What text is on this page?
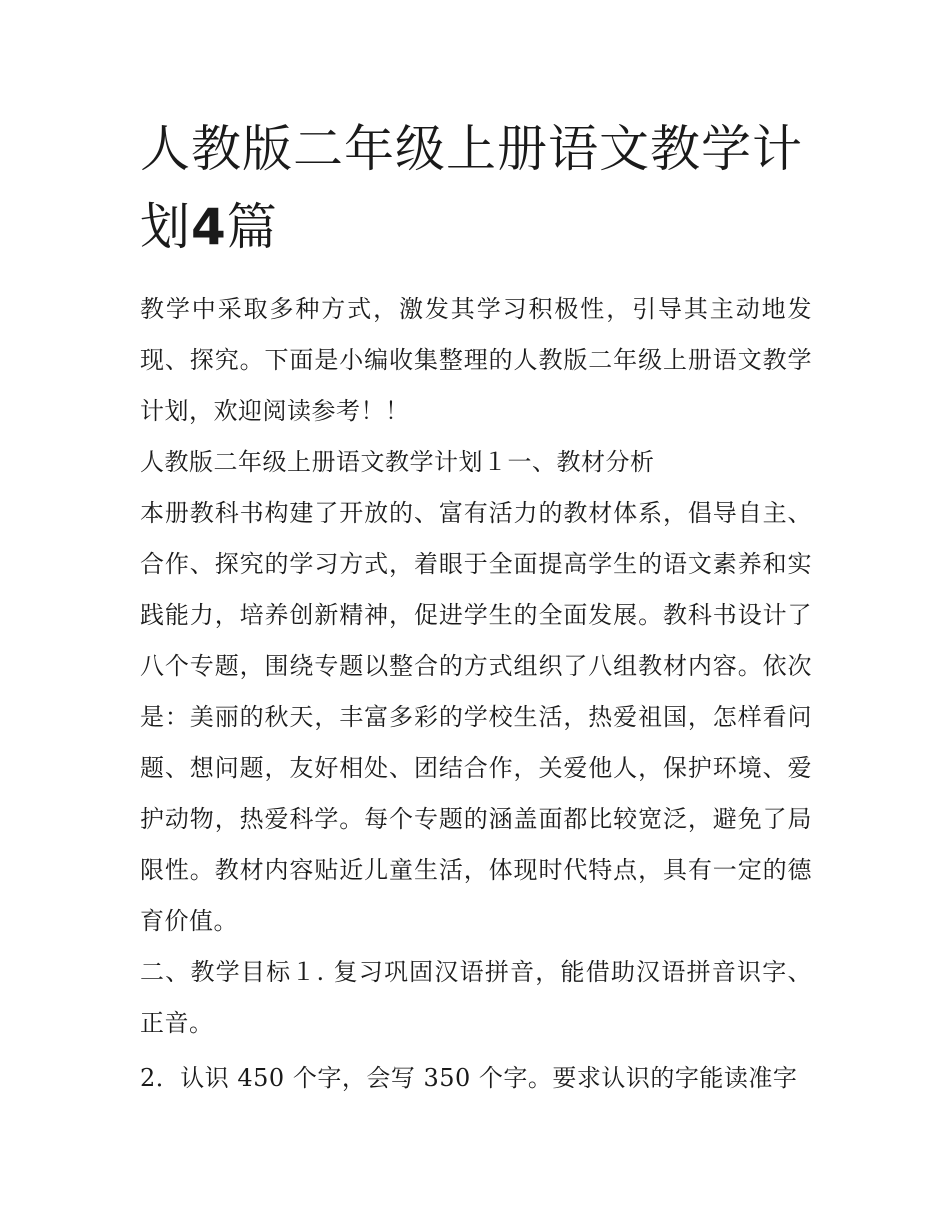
人教版二年级上册语文教学计划4篇

教学中采取多种方式，激发其学习积极性，引导其主动地发现、探究。下面是小编收集整理的人教版二年级上册语文教学计划，欢迎阅读参考！！

人教版二年级上册语文教学计划１一、教材分析

本册教科书构建了开放的、富有活力的教材体系，倡导自主、合作、探究的学习方式，着眼于全面提高学生的语文素养和实践能力，培养创新精神，促进学生的全面发展。教科书设计了八个专题，围绕专题以整合的方式组织了八组教材内容。依次是：美丽的秋天，丰富多彩的学校生活，热爱祖国，怎样看问题、想问题，友好相处、团结合作，关爱他人，保护环境、爱护动物，热爱科学。每个专题的涵盖面都比较宽泛，避免了局限性。教材内容贴近儿童生活，体现时代特点，具有一定的德育价值。

二、教学目标１. 复习巩固汉语拼音，能借助汉语拼音识字、正音。

2．认识 450 个字，会写 350 个字。要求认识的字能读准字
